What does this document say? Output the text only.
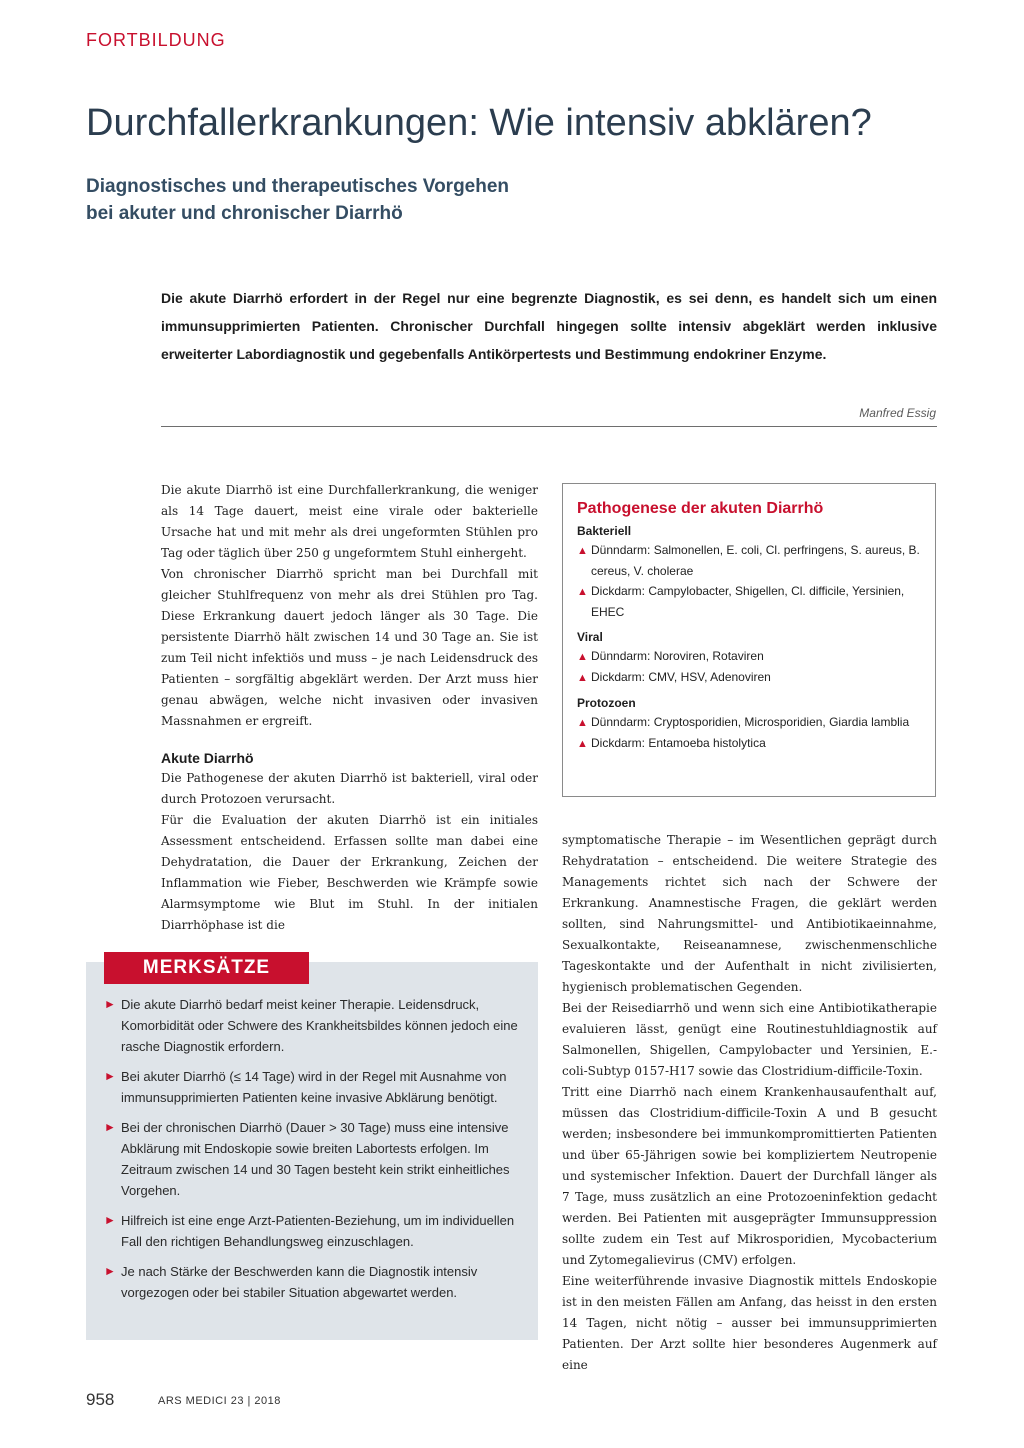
FORTBILDUNG
Durchfallerkrankungen: Wie intensiv abklären?
Diagnostisches und therapeutisches Vorgehen
bei akuter und chronischer Diarrhö

Die akute Diarrhö erfordert in der Regel nur eine begrenzte Diagnostik, es sei denn, es handelt sich um einen immunsupprimierten Patienten. Chronischer Durchfall hingegen sollte intensiv abgeklärt werden inklusive erweiterter Labordiagnostik und gegebenfalls Antikörpertests und Bestimmung endokriner Enzyme.

Manfred Essig

Die akute Diarrhö ist eine Durchfallerkrankung, die weniger als 14 Tage dauert, meist eine virale oder bakterielle Ursache hat und mit mehr als drei ungeformten Stühlen pro Tag oder täglich über 250 g ungeformtem Stuhl einhergeht.

Von chronischer Diarrhö spricht man bei Durchfall mit gleicher Stuhlfrequenz von mehr als drei Stühlen pro Tag. Diese Erkrankung dauert jedoch länger als 30 Tage. Die persistente Diarrhö hält zwischen 14 und 30 Tage an. Sie ist zum Teil nicht infektiös und muss – je nach Leidensdruck des Patienten – sorgfältig abgeklärt werden. Der Arzt muss hier genau abwägen, welche nicht invasiven oder invasiven Massnahmen er ergreift.

Akute Diarrhö

Die Pathogenese der akuten Diarrhö ist bakteriell, viral oder durch Protozoen verursacht.

Für die Evaluation der akuten Diarrhö ist ein initiales Assessment entscheidend. Erfassen sollte man dabei eine Dehydratation, die Dauer der Erkrankung, Zeichen der Inflammation wie Fieber, Beschwerden wie Krämpfe sowie Alarmsymptome wie Blut im Stuhl. In der initialen Diarrhöphase ist die

Pathogenese der akuten Diarrhö
Bakteriell
▲ Dünndarm: Salmonellen, E. coli, Cl. perfringens, S. aureus, B. cereus, V. cholerae
▲ Dickdarm: Campylobacter, Shigellen, Cl. difficile, Yersinien, EHEC
Viral
▲ Dünndarm: Noroviren, Rotaviren
▲ Dickdarm: CMV, HSV, Adenoviren
Protozoen
▲ Dünndarm: Cryptosporidien, Microsporidien, Giardia lamblia
▲ Dickdarm: Entamoeba histolytica

symptomatische Therapie – im Wesentlichen geprägt durch Rehydratation – entscheidend. Die weitere Strategie des Managements richtet sich nach der Schwere der Erkrankung. Anamnestische Fragen, die geklärt werden sollten, sind Nahrungsmittel- und Antibiotikaeinnahme, Sexualkontakte, Reiseanamnese, zwischenmenschliche Tageskontakte und der Aufenthalt in nicht zivilisierten, hygienisch problematischen Gegenden.

Bei der Reisediarrhö und wenn sich eine Antibiotikatherapie evaluieren lässt, genügt eine Routinestuhldiagnostik auf Salmonellen, Shigellen, Campylobacter und Yersinien, E.-coli-Subtyp 0157-H17 sowie das Clostridium-difficile-Toxin.

Tritt eine Diarrhö nach einem Krankenhausaufenthalt auf, müssen das Clostridium-difficile-Toxin A und B gesucht werden; insbesondere bei immunkompromittierten Patienten und über 65-Jährigen sowie bei kompliziertem Neutropenie und systemischer Infektion. Dauert der Durchfall länger als 7 Tage, muss zusätzlich an eine Protozoeninfektion gedacht werden. Bei Patienten mit ausgeprägter Immunsuppression sollte zudem ein Test auf Mikrosporidien, Mycobacterium und Zytomegalievirus (CMV) erfolgen.

Eine weiterführende invasive Diagnostik mittels Endoskopie ist in den meisten Fällen am Anfang, das heisst in den ersten 14 Tagen, nicht nötig – ausser bei immunsupprimierten Patienten. Der Arzt sollte hier besonderes Augenmerk auf eine

MERKSÄTZE
► Die akute Diarrhö bedarf meist keiner Therapie. Leidensdruck, Komorbidität oder Schwere des Krankheitsbildes können jedoch eine rasche Diagnostik erfordern.
► Bei akuter Diarrhö (≤ 14 Tage) wird in der Regel mit Ausnahme von immunsupprimierten Patienten keine invasive Abklärung benötigt.
► Bei der chronischen Diarrhö (Dauer > 30 Tage) muss eine intensive Abklärung mit Endoskopie sowie breiten Labortests erfolgen. Im Zeitraum zwischen 14 und 30 Tagen besteht kein strikt einheitliches Vorgehen.
► Hilfreich ist eine enge Arzt-Patienten-Beziehung, um im individuellen Fall den richtigen Behandlungsweg einzuschlagen.
► Je nach Stärke der Beschwerden kann die Diagnostik intensiv vorgezogen oder bei stabiler Situation abgewartet werden.
958	ARS MEDICI 23 | 2018
